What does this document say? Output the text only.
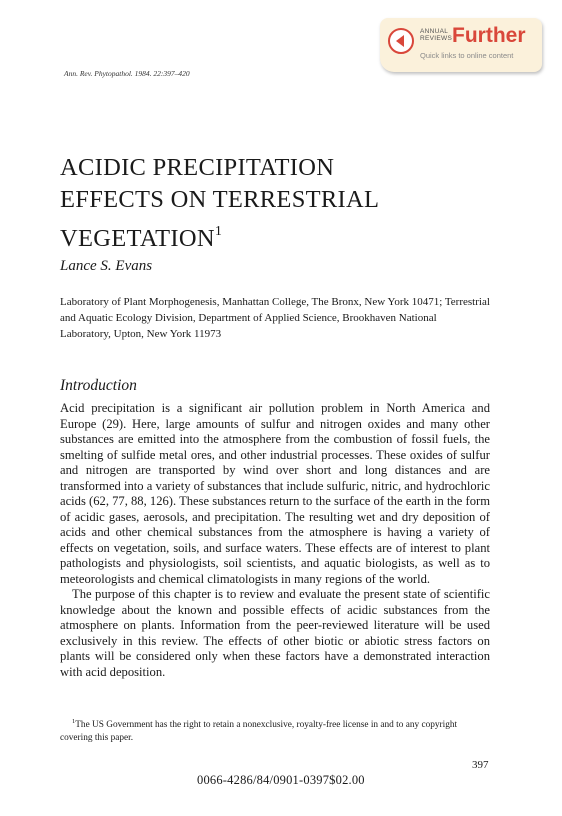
ANNUAL
REVIEWS Further
Quick links to online content
Ann. Rev. Phytopathol. 1984. 22:397–420
ACIDIC PRECIPITATION
EFFECTS ON TERRESTRIAL
VEGETATION$^1$
Lance S. Evans
Laboratory of Plant Morphogenesis, Manhattan College, The Bronx, New York 10471; Terrestrial and Aquatic Ecology Division, Department of Applied Science, Brookhaven National Laboratory, Upton, New York 11973
Introduction

Acid precipitation is a significant air pollution problem in North America and Europe (29). Here, large amounts of sulfur and nitrogen oxides and many other substances are emitted into the atmosphere from the combustion of fossil fuels, the smelting of sulfide metal ores, and other industrial processes. These oxides of sulfur and nitrogen are transported by wind over short and long distances and are transformed into a variety of substances that include sulfuric, nitric, and hydrochloric acids (62, 77, 88, 126). These substances return to the surface of the earth in the form of acidic gases, aerosols, and precipitation. The resulting wet and dry deposition of acids and other chemical substances from the atmosphere is having a variety of effects on vegetation, soils, and surface waters. These effects are of interest to plant pathologists and physiologists, soil scientists, and aquatic biologists, as well as to meteorologists and chemical climatologists in many regions of the world.

The purpose of this chapter is to review and evaluate the present state of scientific knowledge about the known and possible effects of acidic substances from the atmosphere on plants. Information from the peer-reviewed literature will be used exclusively in this review. The effects of other biotic or abiotic stress factors on plants will be considered only when these factors have a demonstrated interaction with acid deposition.

$^1$The US Government has the right to retain a nonexclusive, royalty-free license in and to any copyright covering this paper.
397
0066-4286/84/0901-0397$02.00
